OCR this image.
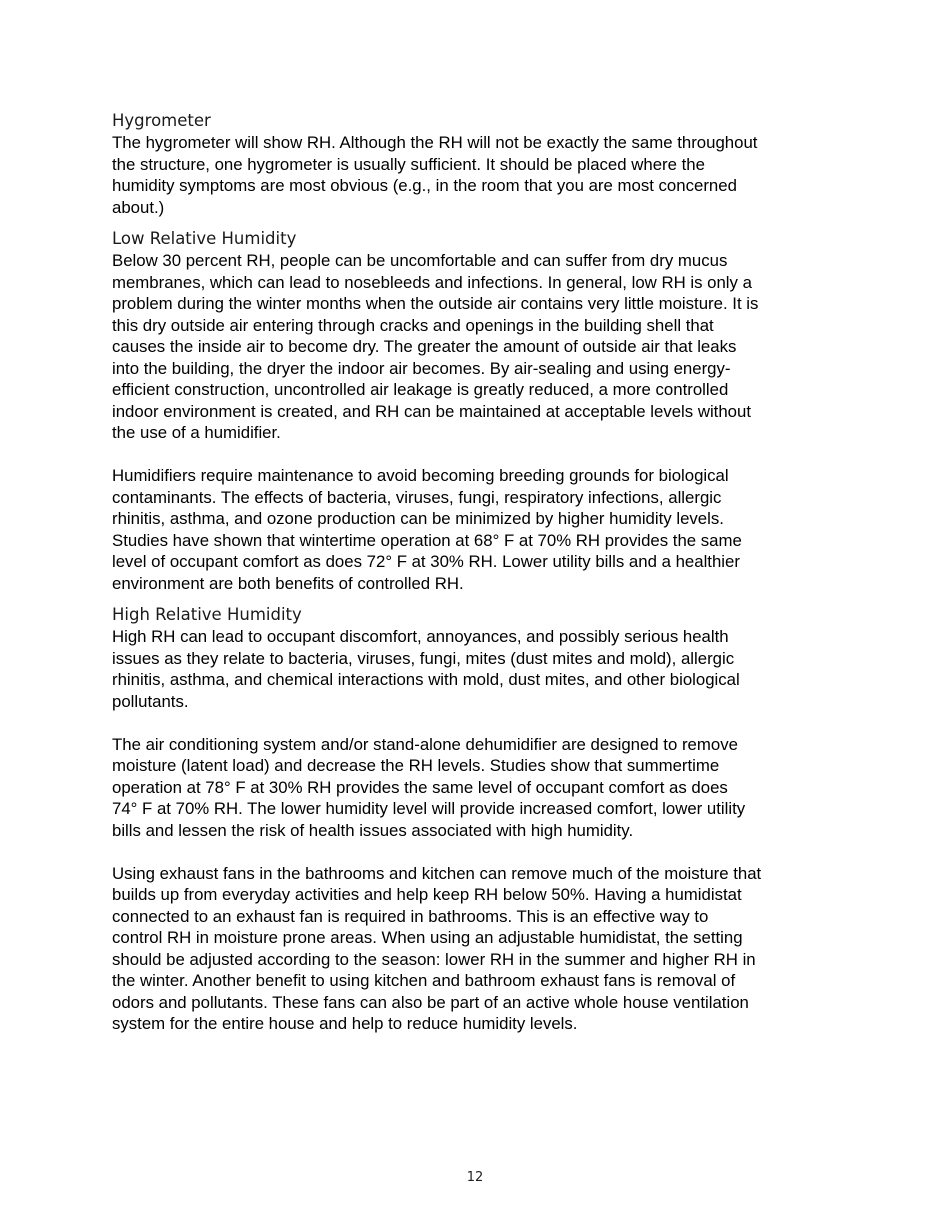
Hygrometer
The hygrometer will show RH. Although the RH will not be exactly the same throughout
the structure, one hygrometer is usually sufficient. It should be placed where the
humidity symptoms are most obvious (e.g., in the room that you are most concerned
about.)
Low Relative Humidity
Below 30 percent RH, people can be uncomfortable and can suffer from dry mucus
membranes, which can lead to nosebleeds and infections. In general, low RH is only a
problem during the winter months when the outside air contains very little moisture. It is
this dry outside air entering through cracks and openings in the building shell that
causes the inside air to become dry. The greater the amount of outside air that leaks
into the building, the dryer the indoor air becomes. By air-sealing and using energy-
efficient construction, uncontrolled air leakage is greatly reduced, a more controlled
indoor environment is created, and RH can be maintained at acceptable levels without
the use of a humidifier.
Humidifiers require maintenance to avoid becoming breeding grounds for biological
contaminants. The effects of bacteria, viruses, fungi, respiratory infections, allergic
rhinitis, asthma, and ozone production can be minimized by higher humidity levels.
Studies have shown that wintertime operation at 68° F at 70% RH provides the same
level of occupant comfort as does 72° F at 30% RH. Lower utility bills and a healthier
environment are both benefits of controlled RH.
High Relative Humidity
High RH can lead to occupant discomfort, annoyances, and possibly serious health
issues as they relate to bacteria, viruses, fungi, mites (dust mites and mold), allergic
rhinitis, asthma, and chemical interactions with mold, dust mites, and other biological
pollutants.
The air conditioning system and/or stand-alone dehumidifier are designed to remove
moisture (latent load) and decrease the RH levels. Studies show that summertime
operation at 78° F at 30% RH provides the same level of occupant comfort as does
74° F at 70% RH. The lower humidity level will provide increased comfort, lower utility
bills and lessen the risk of health issues associated with high humidity.
Using exhaust fans in the bathrooms and kitchen can remove much of the moisture that
builds up from everyday activities and help keep RH below 50%. Having a humidistat
connected to an exhaust fan is required in bathrooms. This is an effective way to
control RH in moisture prone areas. When using an adjustable humidistat, the setting
should be adjusted according to the season: lower RH in the summer and higher RH in
the winter. Another benefit to using kitchen and bathroom exhaust fans is removal of
odors and pollutants. These fans can also be part of an active whole house ventilation
system for the entire house and help to reduce humidity levels.
12
